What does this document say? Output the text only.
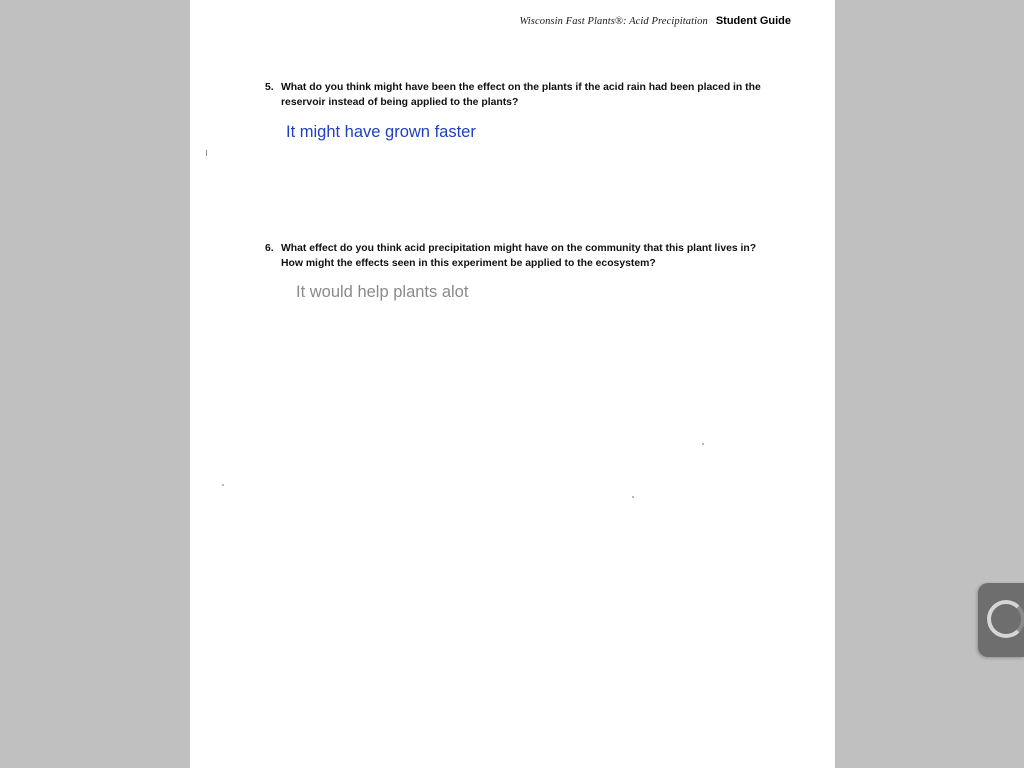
Wisconsin Fast Plants®: Acid Precipitation Student Guide
5. What do you think might have been the effect on the plants if the acid rain had been placed in the reservoir instead of being applied to the plants?
It might have grown faster
6. What effect do you think acid precipitation might have on the community that this plant lives in? How might the effects seen in this experiment be applied to the ecosystem?
It would help plants alot
